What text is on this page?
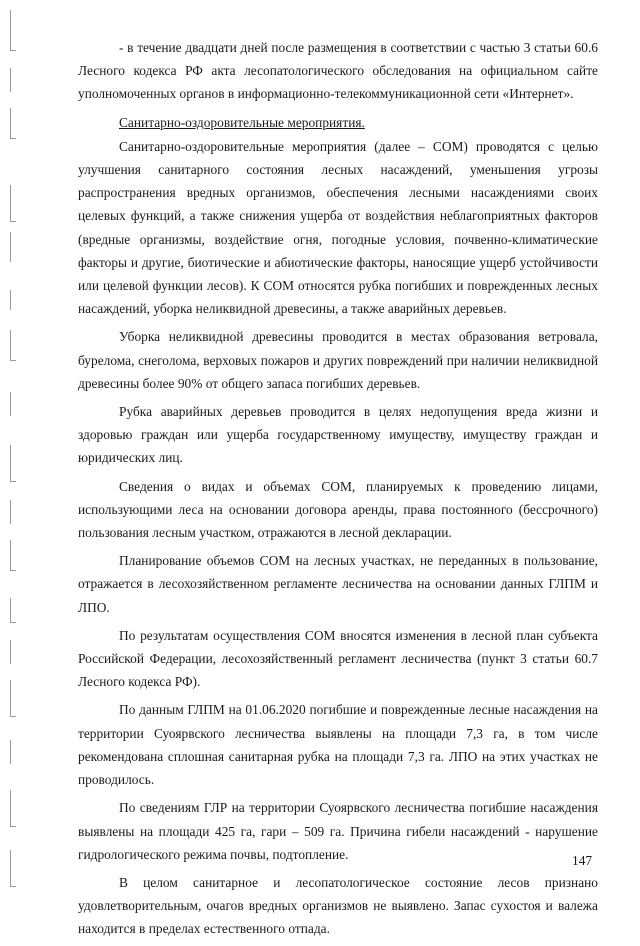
- в течение двадцати дней после размещения в соответствии с частью 3 статьи 60.6 Лесного кодекса РФ акта лесопатологического обследования на официальном сайте уполномоченных органов в информационно-телекоммуникационной сети «Интернет».

Санитарно-оздоровительные мероприятия.

Санитарно-оздоровительные мероприятия (далее – СОМ) проводятся с целью улучшения санитарного состояния лесных насаждений, уменьшения угрозы распространения вредных организмов, обеспечения лесными насаждениями своих целевых функций, а также снижения ущерба от воздействия неблагоприятных факторов (вредные организмы, воздействие огня, погодные условия, почвенно-климатические факторы и другие, биотические и абиотические факторы, наносящие ущерб устойчивости или целевой функции лесов). К СОМ относятся рубка погибших и поврежденных лесных насаждений, уборка неликвидной древесины, а также аварийных деревьев.

Уборка неликвидной древесины проводится в местах образования ветровала, бурелома, снеголома, верховых пожаров и других повреждений при наличии неликвидной древесины более 90% от общего запаса погибших деревьев.

Рубка аварийных деревьев проводится в целях недопущения вреда жизни и здоровью граждан или ущерба государственному имуществу, имуществу граждан и юридических лиц.

Сведения о видах и объемах СОМ, планируемых к проведению лицами, использующими леса на основании договора аренды, права постоянного (бессрочного) пользования лесным участком, отражаются в лесной декларации.

Планирование объемов СОМ на лесных участках, не переданных в пользование, отражается в лесохозяйственном регламенте лесничества на основании данных ГЛПМ и ЛПО.

По результатам осуществления СОМ вносятся изменения в лесной план субъекта Российской Федерации, лесохозяйственный регламент лесничества (пункт 3 статьи 60.7 Лесного кодекса РФ).

По данным ГЛПМ на 01.06.2020 погибшие и поврежденные лесные насаждения на территории Суоярвского лесничества выявлены на площади 7,3 га, в том числе рекомендована сплошная санитарная рубка на площади 7,3 га. ЛПО на этих участках не проводилось.

По сведениям ГЛР на территории Суоярвского лесничества погибшие насаждения выявлены на площади 425 га, гари – 509 га. Причина гибели насаждений - нарушение гидрологического режима почвы, подтопление.

В целом санитарное и лесопатологическое состояние лесов признано удовлетворительным, очагов вредных организмов не выявлено. Запас сухостоя и валежа находится в пределах естественного отпада.

147
